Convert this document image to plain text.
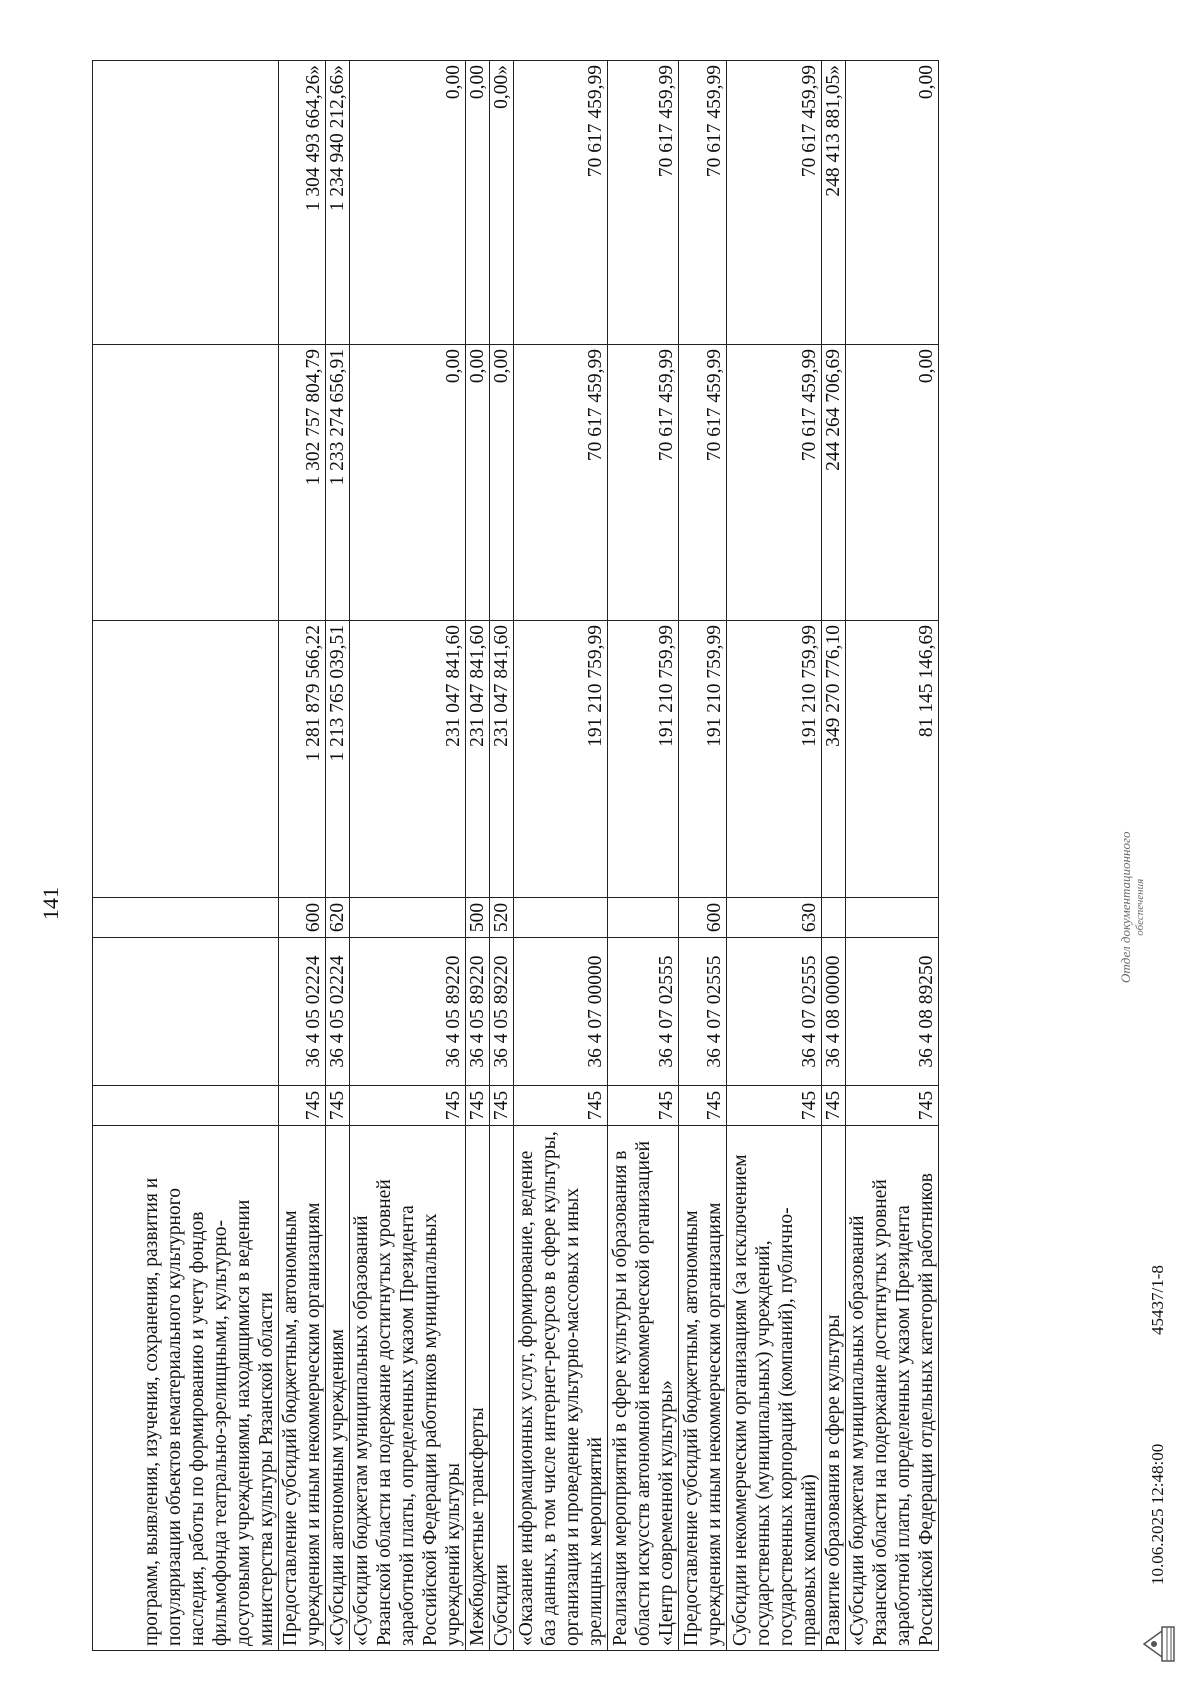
141
программ, выявления, изучения, сохранения, развития и популяризации объектов нематериального культурного наследия, работы по формированию и учету фондов фильмофонда театрально-зрелищными, культурно-досуговыми учреждениями, находящимися в ведении министерства культуры Рязанской области						
Предоставление субсидий бюджетным, автономным учреждениям и иным некоммерческим организациям	745	36 4 05 02224	600	1 281 879 566,22	1 302 757 804,79	1 304 493 664,26»
«Субсидии автономным учреждениям	745	36 4 05 02224	620	1 213 765 039,51	1 233 274 656,91	1 234 940 212,66»
«Субсидии бюджетам муниципальных образований Рязанской области на подержание достигнутых уровней заработной платы, определенных указом Президента Российской Федерации работников муниципальных учреждений культуры	745	36 4 05 89220		231 047 841,60	0,00	0,00
Межбюджетные трансферты	745	36 4 05 89220	500	231 047 841,60	0,00	0,00
Субсидии	745	36 4 05 89220	520	231 047 841,60	0,00	0,00»
«Оказание информационных услуг, формирование, ведение баз данных, в том числе интернет-ресурсов в сфере культуры, организация и проведение культурно-массовых и иных зрелищных мероприятий	745	36 4 07 00000		191 210 759,99	70 617 459,99	70 617 459,99
Реализация мероприятий в сфере культуры и образования в области искусств автономной некоммерческой организацией «Центр современной культуры»	745	36 4 07 02555		191 210 759,99	70 617 459,99	70 617 459,99
Предоставление субсидий бюджетным, автономным учреждениям и иным некоммерческим организациям	745	36 4 07 02555	600	191 210 759,99	70 617 459,99	70 617 459,99
Субсидии некоммерческим организациям (за исключением государственных (муниципальных) учреждений, государственных корпораций (компаний), публично-правовых компаний)	745	36 4 07 02555	630	191 210 759,99	70 617 459,99	70 617 459,99
Развитие образования в сфере культуры	745	36 4 08 00000		349 270 776,10	244 264 706,69	248 413 881,05»
«Субсидии бюджетам муниципальных образований Рязанской области на подержание достигнутых уровней заработной платы, определенных указом Президента Российской Федерации отдельных категорий работников	745	36 4 08 89250		81 145 146,69	0,00	0,00
10.06.2025 12:48:00
45437/1-8
Отдел документационного обеспечения
